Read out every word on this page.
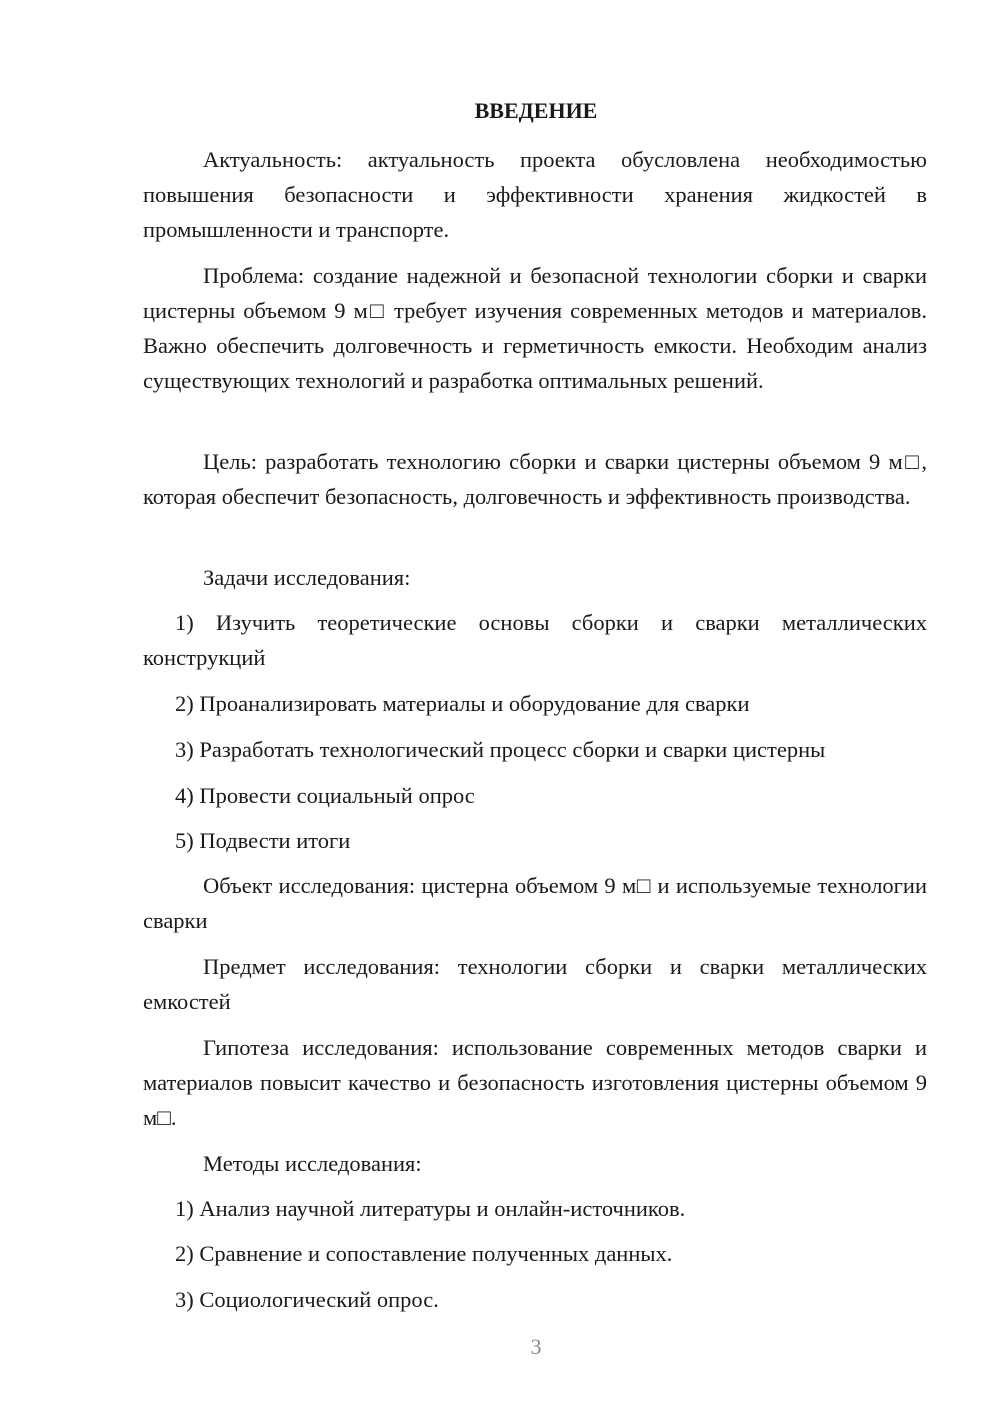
ВВЕДЕНИЕ

Актуальность: актуальность проекта обусловлена необходимостью повышения безопасности и эффективности хранения жидкостей в промышленности и транспорте.

Проблема: создание надежной и безопасной технологии сборки и сварки цистерны объемом 9 м□ требует изучения современных методов и материалов. Важно обеспечить долговечность и герметичность емкости. Необходим анализ существующих технологий и разработка оптимальных решений.

Цель: разработать технологию сборки и сварки цистерны объемом 9 м□, которая обеспечит безопасность, долговечность и эффективность производства.

Задачи исследования:

1) Изучить теоретические основы сборки и сварки металлических конструкций

2) Проанализировать материалы и оборудование для сварки

3) Разработать технологический процесс сборки и сварки цистерны

4) Провести социальный опрос

5) Подвести итоги

Объект исследования: цистерна объемом 9 м□ и используемые технологии сварки

Предмет исследования: технологии сборки и сварки металлических емкостей

Гипотеза исследования: использование современных методов сварки и материалов повысит качество и безопасность изготовления цистерны объемом 9 м□.

Методы исследования:

1) Анализ научной литературы и онлайн-источников.

2) Сравнение и сопоставление полученных данных.

3) Социологический опрос.

3
